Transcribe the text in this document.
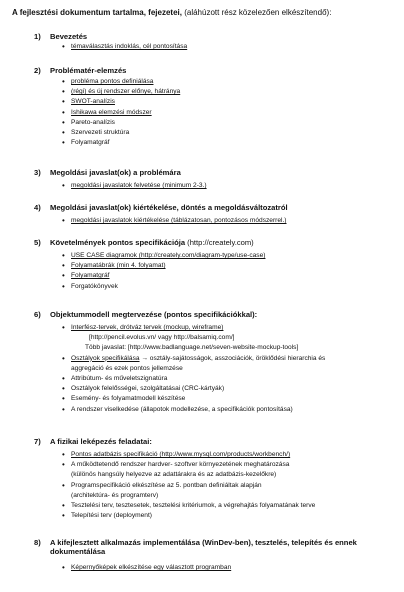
A fejlesztési dokumentum tartalma, fejezetei, (aláhúzott rész közelezően elkészítendő):
1) Bevezetés
• témaválasztás indoklás, cél pontosítása
2) Problématér-elemzés
• probléma pontos definiálása
• (régi) és új rendszer előnye, hátránya
• SWOT-analízis
• Ishikawa elemzési módszer
• Pareto-analízis
• Szervezeti struktúra
• Folyamatgráf
3) Megoldási javaslat(ok) a problémára
• megoldási javaslatok felvetése (minimum 2-3.)
4) Megoldási javaslat(ok) kiértékelése, döntés a megoldásváltozatról
• megoldási javaslatok kiértékelése (táblázatosan, pontozásos módszerrel.)
5) Követelmények pontos specifikációja (http://creately.com)
• USE CASE diagramok (http://creately.com/diagram-type/use-case)
• Folyamatábrák (min 4. folyamat)
• Folyamatgráf
• Forgatókönyvek
6) Objektummodell megtervezése (pontos specifikációkkal):
• Interfész-tervek, drótváz tervek (mockup, wireframe)
[http://pencil.evolus.vn/ vagy http://balsamiq.com/]
Több javaslat: [http://www.badlanguage.net/seven-website-mockup-tools]
• Osztályok specifikálása → osztály-sajátosságok, asszociációk, öröklődési hierarchia és
aggregáció és ezek pontos jellemzése
• Attribútum- és műveletszignatúra
• Osztályok felelősségei, szolgáltatásai (CRC-kártyák)
• Esemény- és folyamatmodell készítése
• A rendszer viselkedése (állapotok modellezése, a specifikációk pontosítása)
7) A fizikai leképezés feladatai:
• Pontos adatbázis specifikáció (http://www.mysql.com/products/workbench/)
• A működtetendő rendszer hardver- szoftver környezetének meghatározása
(különös hangsúly helyezve az adattárakra és az adatbázis-kezelőkre)
• Programspecifikáció elkészítése az 5. pontban definiáltak alapján
(architektúra- és programterv)
• Tesztelési terv, tesztesetek, tesztelési kritériumok, a végrehajtás folyamatának terve
• Telepítési terv (deployment)
8) A kifejlesztett alkalmazás implementálása (WinDev-ben), tesztelés, telepítés és ennek
dokumentálása
• Képernyőképek elkészítése egy választott programban
